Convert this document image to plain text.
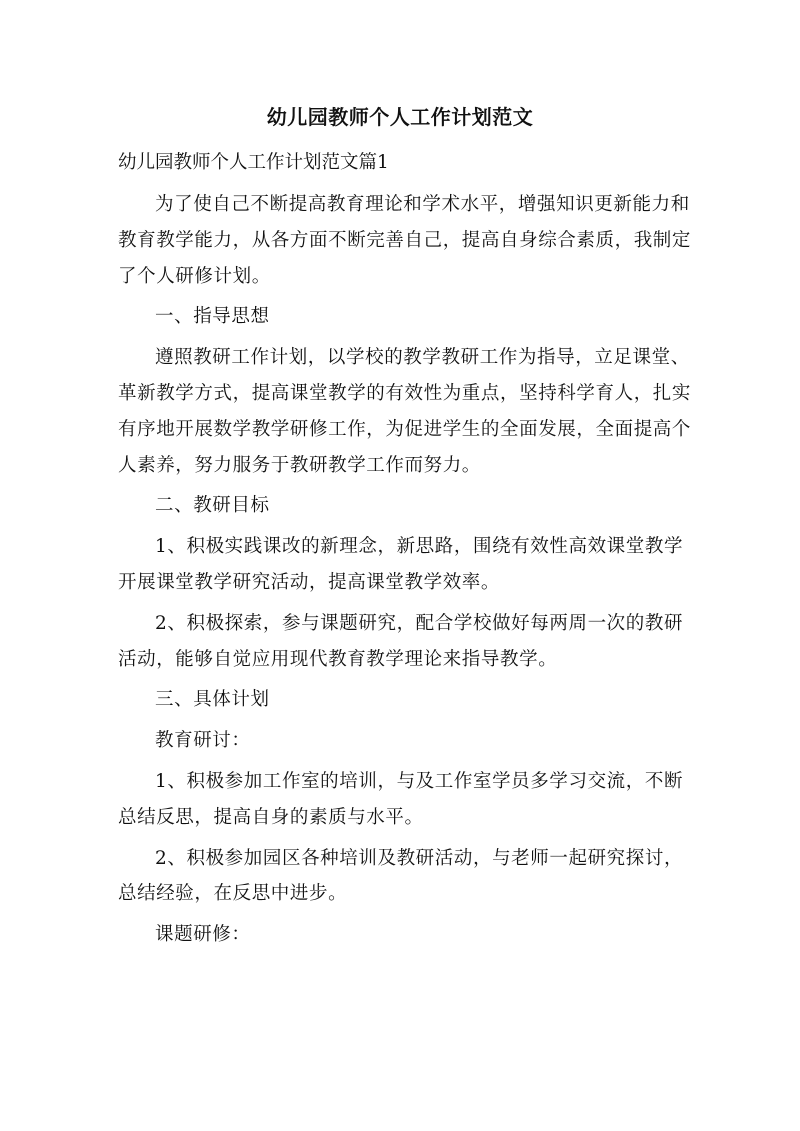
幼儿园教师个人工作计划范文
幼儿园教师个人工作计划范文篇1

为了使自己不断提高教育理论和学术水平，增强知识更新能力和教育教学能力，从各方面不断完善自己，提高自身综合素质，我制定了个人研修计划。

一、指导思想

遵照教研工作计划，以学校的教学教研工作为指导，立足课堂、革新教学方式，提高课堂教学的有效性为重点，坚持科学育人，扎实有序地开展数学教学研修工作，为促进学生的全面发展，全面提高个人素养，努力服务于教研教学工作而努力。

二、教研目标

1、积极实践课改的新理念，新思路，围绕有效性高效课堂教学开展课堂教学研究活动，提高课堂教学效率。

2、积极探索，参与课题研究，配合学校做好每两周一次的教研活动，能够自觉应用现代教育教学理论来指导教学。

三、具体计划

教育研讨：

1、积极参加工作室的培训，与及工作室学员多学习交流，不断总结反思，提高自身的素质与水平。

2、积极参加园区各种培训及教研活动，与老师一起研究探讨，总结经验，在反思中进步。

课题研修：
